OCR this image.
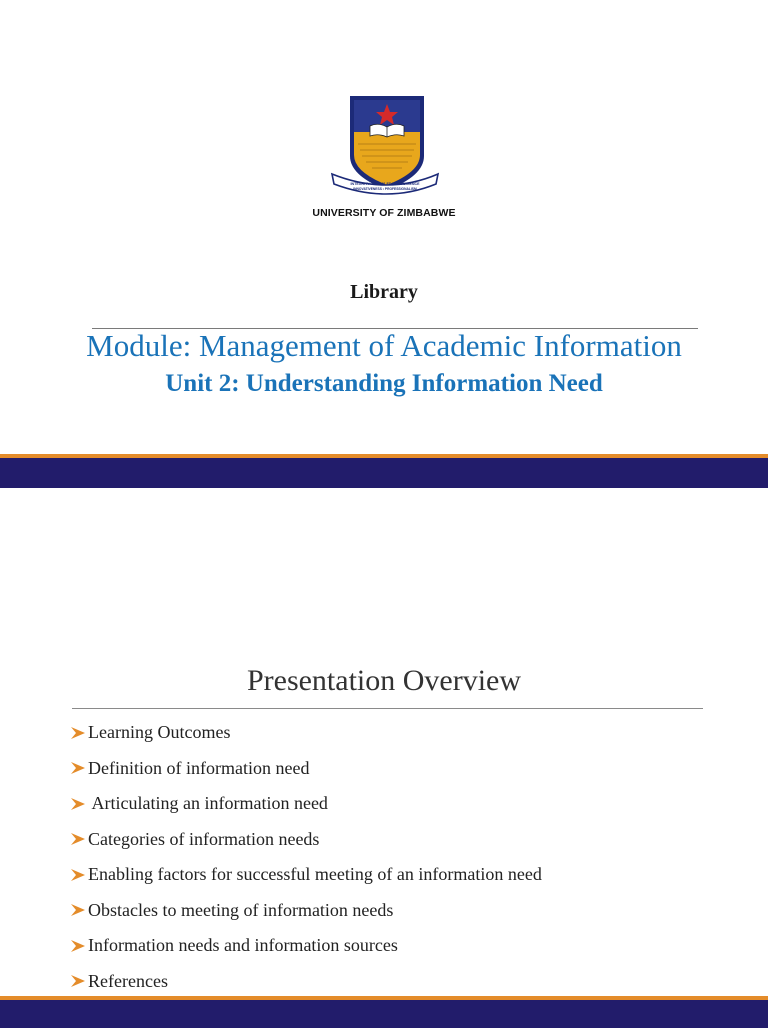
INTEGRITY • KNOWLEDGE • DILIGENCE
INNOVATIVENESS • PROFESSIONALISM
UNIVERSITY OF ZIMBABWE
Library
Module: Management of Academic Information
Unit 2: Understanding Information Need
Presentation Overview
Learning Outcomes
Definition of information need
Articulating an information need
Categories of information needs
Enabling factors for successful meeting of an information need
Obstacles to meeting of information needs
Information needs and information sources
References
